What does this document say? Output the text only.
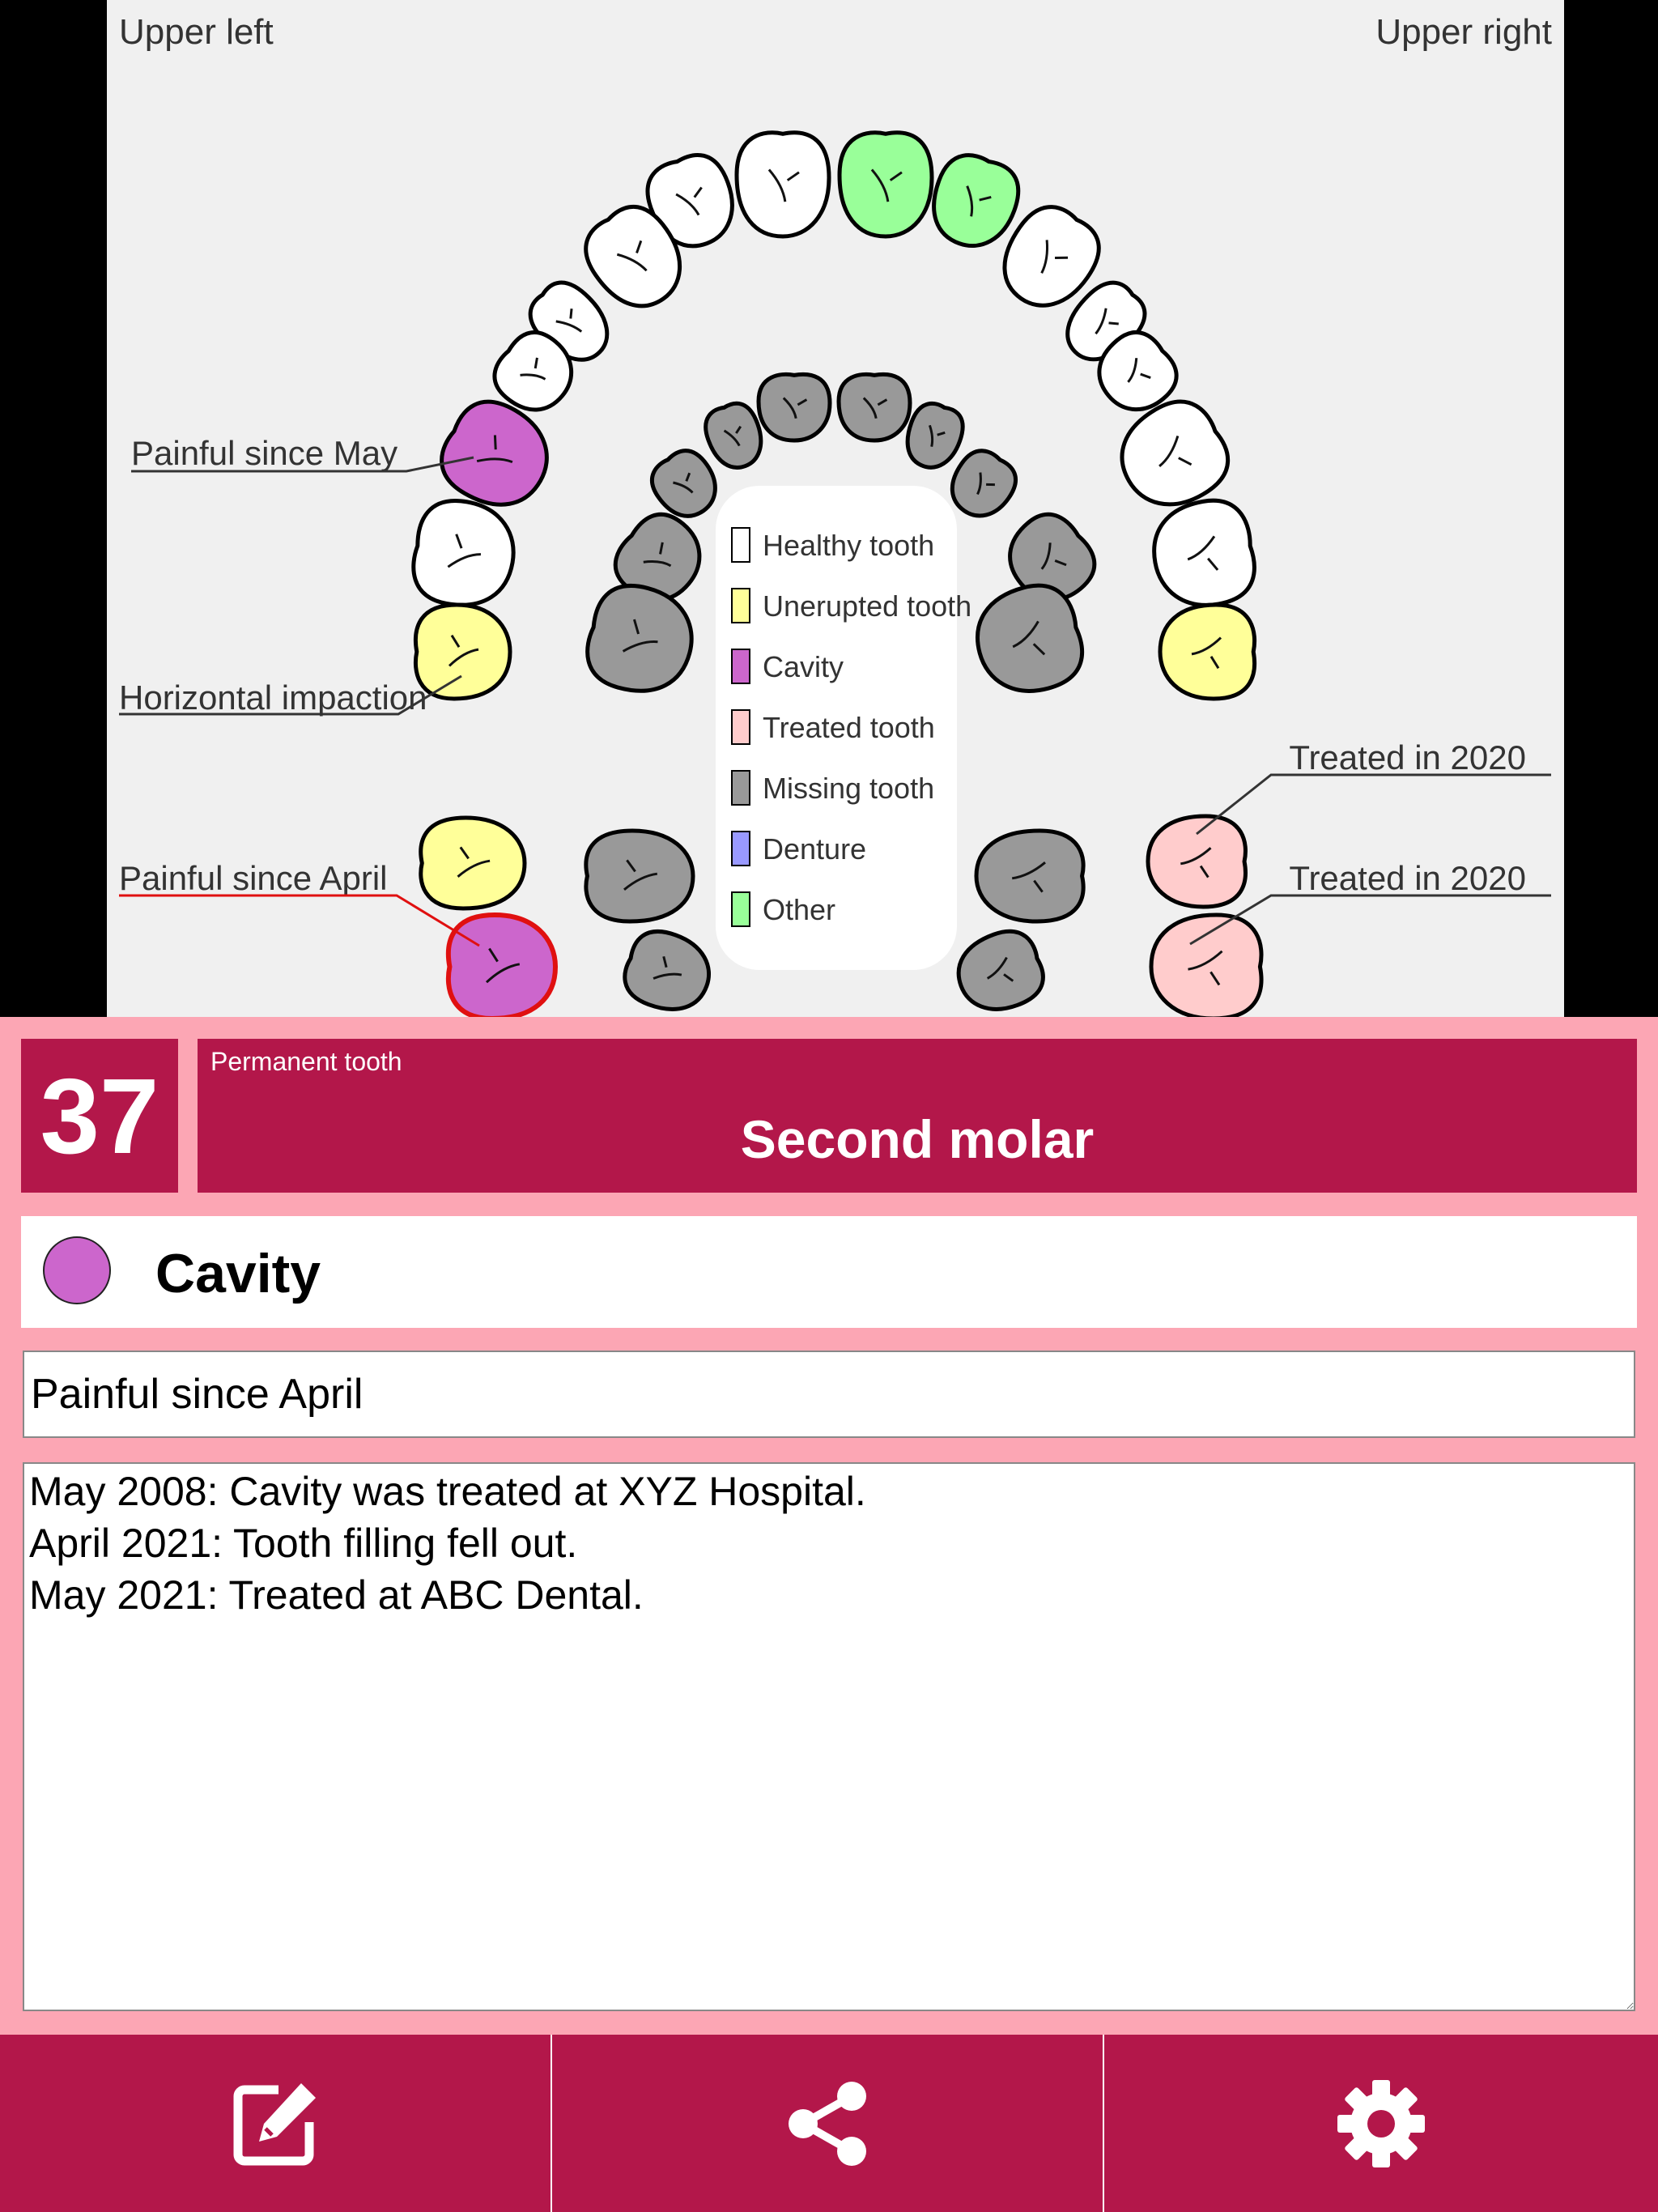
Upper left	Upper right
Healthy tooth
Unerupted tooth
Cavity
Treated tooth
Missing tooth
Denture
Other
Painful since May
Horizontal impaction
Painful since April
Treated in 2020
Treated in 2020
37	Permanent tooth
Second molar
Cavity
Painful since April
May 2008: Cavity was treated at XYZ Hospital. April 2021: Tooth filling fell out. May 2021: Treated at ABC Dental.
